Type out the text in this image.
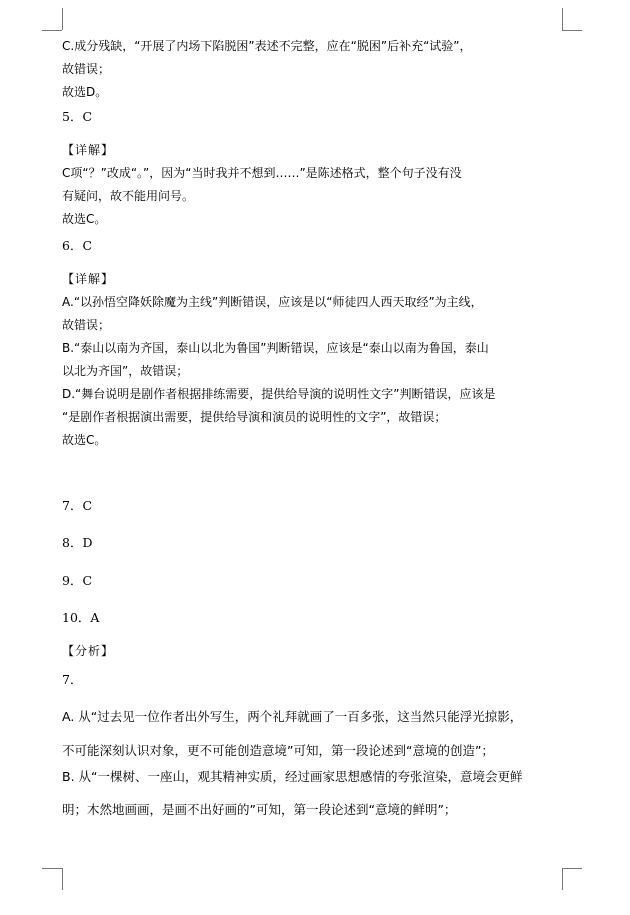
C.成分残缺，“开展了内场下陷脱困”表述不完整，应在“脱困”后补充“试验”，
故错误；
故选D。
5．C
【详解】
C项“？”改成“。”，因为“当时我并不想到……”是陈述格式，整个句子没有没
有疑问，故不能用问号。
故选C。
6．C
【详解】
A.“以孙悟空降妖除魔为主线”判断错误，应该是以“师徒四人西天取经”为主线，
故错误；
B.“泰山以南为齐国，泰山以北为鲁国”判断错误，应该是“泰山以南为鲁国，泰山
以北为齐国”，故错误；
D.“舞台说明是剧作者根据排练需要，提供给导演的说明性文字”判断错误，应该是
“是剧作者根据演出需要，提供给导演和演员的说明性的文字”，故错误；
故选C。
7．C
8．D
9．C
10．A
【分析】
7．
A. 从“过去见一位作者出外写生，两个礼拜就画了一百多张，这当然只能浮光掠影，
不可能深刻认识对象，更不可能创造意境”可知，第一段论述到“意境的创造”；
B. 从“一棵树、一座山，观其精神实质，经过画家思想感情的夸张渲染，意境会更鲜
明；木然地画画，是画不出好画的”可知，第一段论述到“意境的鲜明”；
